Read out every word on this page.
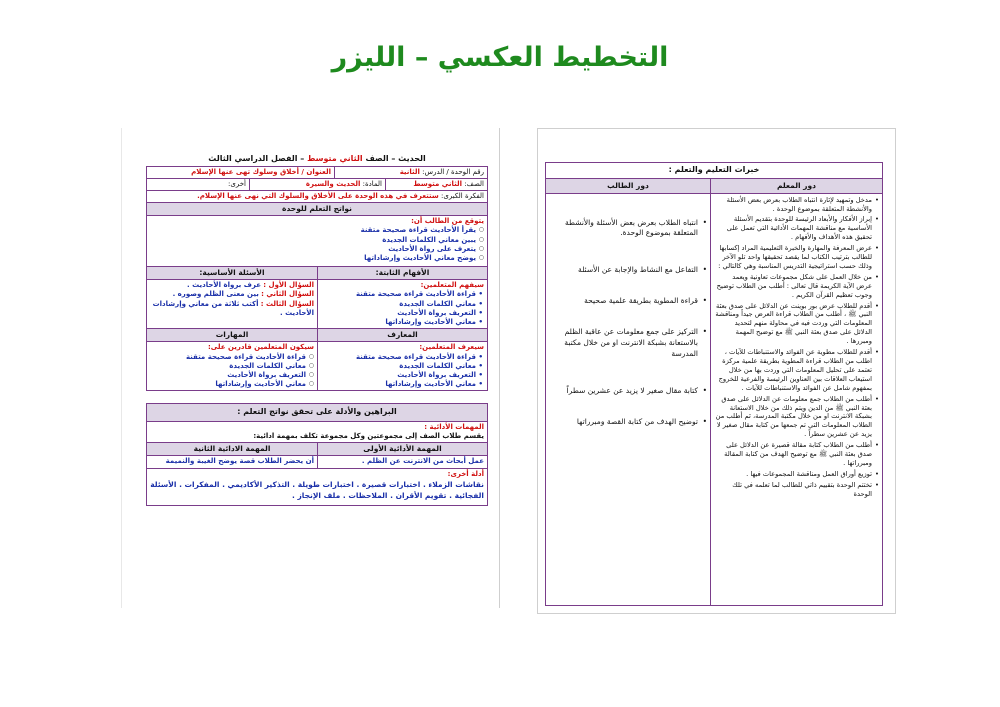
التخطيط العكسي – الليزر
الحديث – الصف الثاني متوسط – الفصل الدراسي الثالث
رقم الوحدة / الدرس: الثانية
العنوان / أخلاق وسلوك تهى عنها الإسلام
الصف: الثاني متوسط
المادة: الحديث والسيرة
أخرى:
الفكرة الكبرى: ستتعرف في هذه الوحدة على الأخلاق والسلوك التي نهى عنها الإسلام.
نواتج التعلم للوحدة
يتوقع من الطالب أن:
○ يقرأ الأحاديث قراءة صحيحة متقنة
○ يبين معاني الكلمات الجديدة
○ يتعرف على رواة الأحاديث
○ يوضح معاني الأحاديث وإرشاداتها
الأفهام الثابتة:
الأسئلة الأساسية:
سيفهم المتعلمين:
• قراءة الأحاديث قراءة صحيحة متقنة
• معاني الكلمات الجديدة
• التعريف برواة الأحاديث
• معاني الأحاديث وإرشاداتها
السؤال الأول : عرف برواة الأحاديث .
السؤال الثاني : بين معنى الظلم وصوره .
السؤال الثالث : أكتب ثلاثة من معاني وإرشادات الأحاديث .
المعارف
المهارات
سيعرف المتعلمين:
• قراءة الأحاديث قراءة صحيحة متقنة
• معاني الكلمات الجديدة
• التعريف برواة الأحاديث
• معاني الأحاديث وإرشاداتها
سيكون المتعلمين قادرين على:
○ قراءة الأحاديث قراءة صحيحة متقنة
○ معاني الكلمات الجديدة
○ التعريف برواة الأحاديث
○ معاني الأحاديث وإرشاداتها
البراهين والأدلة على تحقق نواتج التعلم :
المهمات الأدائية :
يقسم طلاب الصف إلى مجموعتين وكل مجموعة تكلف بمهمة ادائية:
المهمة الأدائية الأولى
المهمة الادائية الثانية
عمل أبحاث من الانترنت عن الظلم .
أن يحضر الطلاب قصة يوضح الغيبة والنميمة
أدلة أخرى:
نقاشات الزملاء . اختبارات قصيرة . اختبارات طويلة . التذكير الأكاديمي . المفكرات . الأسئلة الفجائية . تقويم الأقران . الملاحظات . ملف الإنجاز .
خبرات التعليم والتعلم :
دور المعلم
• مدخل وتمهيد لإثارة انتباه الطلاب بعرض بعض الأسئلة والأنشطة المتعلقة بموضوع الوحدة .
• إبراز الأفكار والأبعاد الرئيسة للوحدة بتقديم الأسئلة الأساسية مع مناقشة المهمات الأدائية التي تعمل على تحقيق هذه الأهداف والأفهام .
• عرض المعرفة والمهارة والخبرة التعليمية المراد إكسابها للطالب بترتيب الكتاب لما يقصد تحقيقها واحد تلو الآخر وذلك حسب استراتيجية التدريس المناسبة وهي كالتالي :
• من خلال العمل على شكل مجموعات تعاونية ويعمد عرض الآية الكريمة قال تعالى : أطلب من الطلاب توضيح وجوب تعظيم القرآن الكريم .
• أقدم للطلاب عرض بور بوينت عن الدلائل على صدق بعثة النبي ﷺ ، أطلب من الطلاب قراءة العرض جيداً ومناقشة المعلومات التي وردت فيه في محاولة منهم لتحديد الدلائل على صدق بعثة النبي ﷺ مع توضيح المهمة ومبررها .
• أقدم للطلاب مطوية عن الفوائد والاستنباطات للآيات ، اطلب من الطلاب قراءة المطوية بطريقة علمية مركزة تعتمد على تحليل المعلومات التي وردت بها من خلال استيعاب العلاقات بين العناوين الرئيسة والفرعية للخروج بمفهوم شامل عن الفوائد والاستنباطات للآيات .
• أطلب من الطلاب جمع معلومات عن الدلائل على صدق بعثة النبي ﷺ من الدين ويتم ذلك من خلال الاستعانة بشبكة الانترنت او من خلال مكتبة المدرسة، ثم أطلب من الطلاب المعلومات التي تم جمعها من كتابة مقال صغير لا يزيد عن عشرين سطراً .
• أطلب من الطلاب كتابة مقالة قصيرة عن الدلائل على صدق بعثة النبي ﷺ مع توضيح الهدف من كتابة المقالة ومبرراتها .
• توزيع أوراق العمل ومناقشة المجموعات فيها .
• تختتم الوحدة بتقييم ذاتي للطالب لما تعلمه في تلك الوحدة
دور الطالب
• انتباه الطلاب بعرض بعض الأسئلة والأنشطة المتعلقة بموضوع الوحدة.
• التفاعل مع النشاط والإجابة عن الأسئلة
• قراءة المطوية بطريقة علمية صحيحة
• التركيز على جمع معلومات عن عاقبة الظلم بالاستعانة بشبكة الانترنت او من خلال مكتبة المدرسة
• كتابة مقال صغير لا يزيد عن عشرين سطراً
• توضيح الهدف من كتابة القصة ومبرراتها
